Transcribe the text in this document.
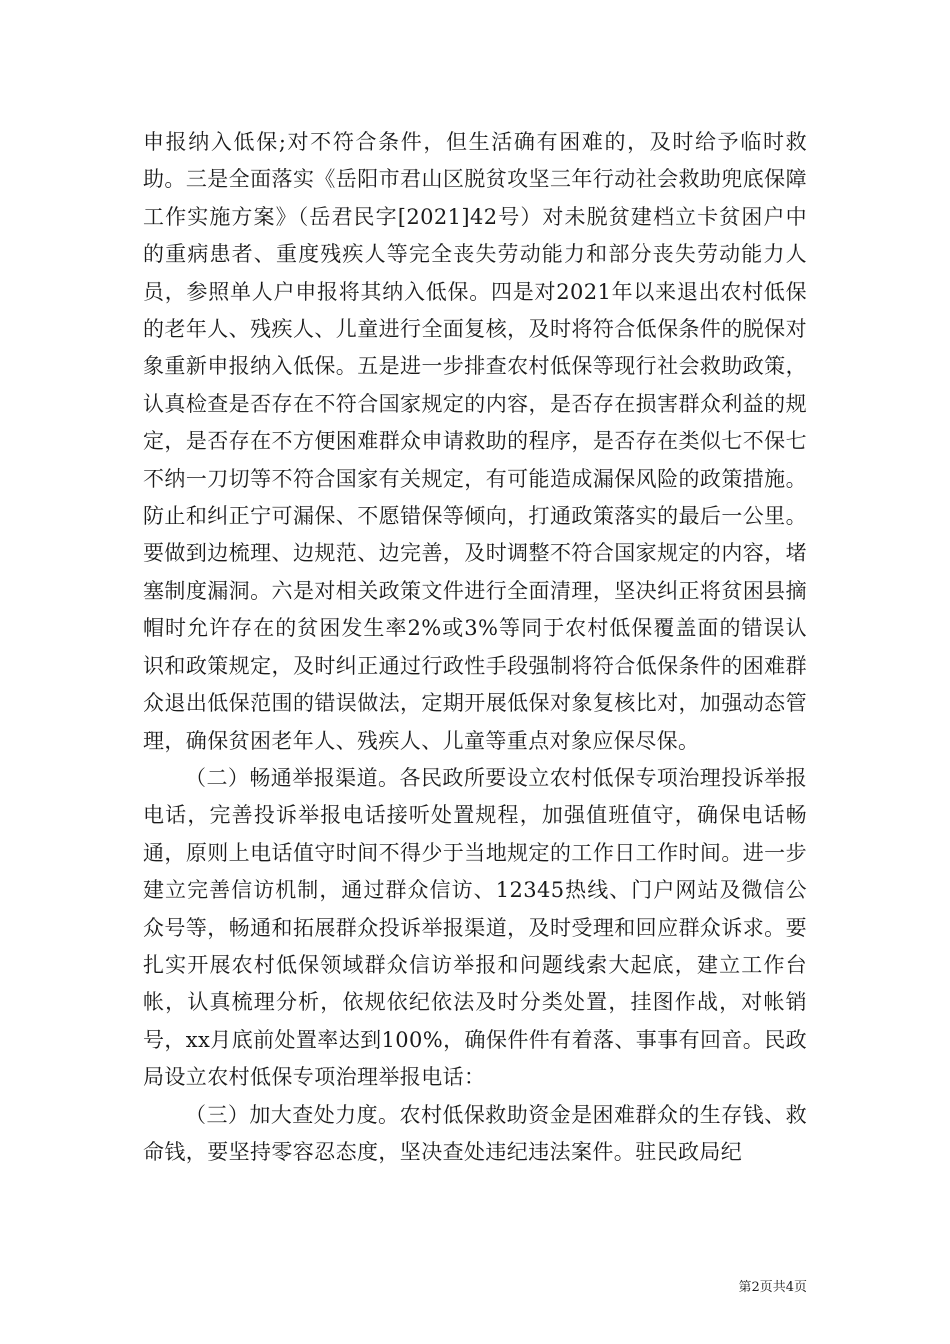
申报纳入低保;对不符合条件，但生活确有困难的，及时给予临时救助。三是全面落实《岳阳市君山区脱贫攻坚三年行动社会救助兜底保障工作实施方案》（岳君民字[2021]42号）对未脱贫建档立卡贫困户中的重病患者、重度残疾人等完全丧失劳动能力和部分丧失劳动能力人员，参照单人户申报将其纳入低保。四是对2021年以来退出农村低保的老年人、残疾人、儿童进行全面复核，及时将符合低保条件的脱保对象重新申报纳入低保。五是进一步排查农村低保等现行社会救助政策，认真检查是否存在不符合国家规定的内容，是否存在损害群众利益的规定，是否存在不方便困难群众申请救助的程序，是否存在类似七不保七不纳一刀切等不符合国家有关规定，有可能造成漏保风险的政策措施。防止和纠正宁可漏保、不愿错保等倾向，打通政策落实的最后一公里。要做到边梳理、边规范、边完善，及时调整不符合国家规定的内容，堵塞制度漏洞。六是对相关政策文件进行全面清理，坚决纠正将贫困县摘帽时允许存在的贫困发生率2%或3%等同于农村低保覆盖面的错误认识和政策规定，及时纠正通过行政性手段强制将符合低保条件的困难群众退出低保范围的错误做法，定期开展低保对象复核比对，加强动态管理，确保贫困老年人、残疾人、儿童等重点对象应保尽保。

（二）畅通举报渠道。各民政所要设立农村低保专项治理投诉举报电话，完善投诉举报电话接听处置规程，加强值班值守，确保电话畅通，原则上电话值守时间不得少于当地规定的工作日工作时间。进一步建立完善信访机制，通过群众信访、12345热线、门户网站及微信公众号等，畅通和拓展群众投诉举报渠道，及时受理和回应群众诉求。要扎实开展农村低保领域群众信访举报和问题线索大起底，建立工作台帐，认真梳理分析，依规依纪依法及时分类处置，挂图作战，对帐销号，xx月底前处置率达到100%，确保件件有着落、事事有回音。民政局设立农村低保专项治理举报电话：

（三）加大查处力度。农村低保救助资金是困难群众的生存钱、救命钱，要坚持零容忍态度，坚决查处违纪违法案件。驻民政局纪

第2页共4页
